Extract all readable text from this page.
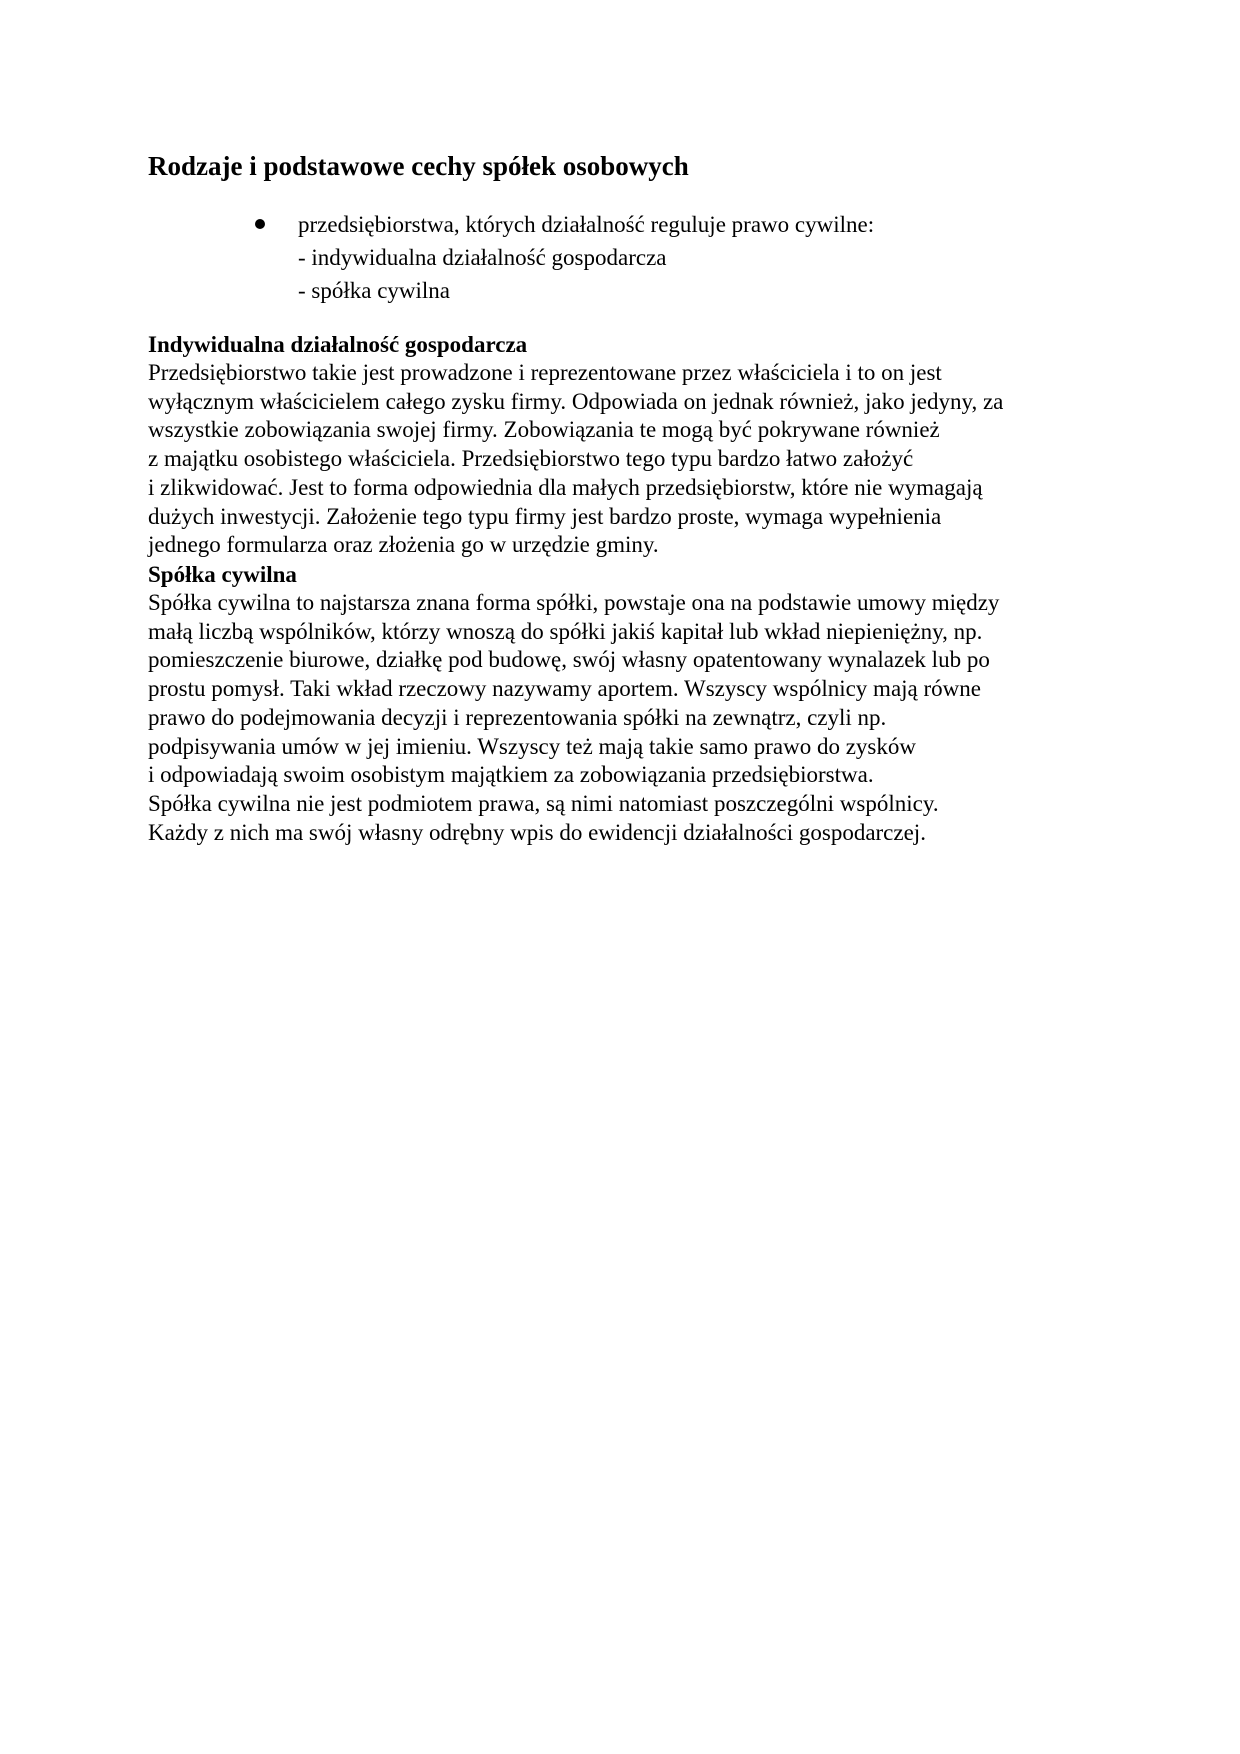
Rodzaje i podstawowe cechy spółek osobowych
przedsiębiorstwa, których działalność reguluje prawo cywilne:
- indywidualna działalność gospodarcza
- spółka cywilna
Indywidualna działalność gospodarcza

Przedsiębiorstwo takie jest prowadzone i reprezentowane przez właściciela i to on jest
wyłącznym właścicielem całego zysku firmy. Odpowiada on jednak również, jako jedyny, za
wszystkie zobowiązania swojej firmy. Zobowiązania te mogą być pokrywane również
z majątku osobistego właściciela. Przedsiębiorstwo tego typu bardzo łatwo założyć
i zlikwidować. Jest to forma odpowiednia dla małych przedsiębiorstw, które nie wymagają
dużych inwestycji. Założenie tego typu firmy jest bardzo proste, wymaga wypełnienia
jednego formularza oraz złożenia go w urzędzie gminy.

Spółka cywilna

Spółka cywilna to najstarsza znana forma spółki, powstaje ona na podstawie umowy między
małą liczbą wspólników, którzy wnoszą do spółki jakiś kapitał lub wkład niepieniężny, np.
pomieszczenie biurowe, działkę pod budowę, swój własny opatentowany wynalazek lub po
prostu pomysł. Taki wkład rzeczowy nazywamy aportem. Wszyscy wspólnicy mają równe
prawo do podejmowania decyzji i reprezentowania spółki na zewnątrz, czyli np.
podpisywania umów w jej imieniu. Wszyscy też mają takie samo prawo do zysków
i odpowiadają swoim osobistym majątkiem za zobowiązania przedsiębiorstwa.
Spółka cywilna nie jest podmiotem prawa, są nimi natomiast poszczególni wspólnicy.
Każdy z nich ma swój własny odrębny wpis do ewidencji działalności gospodarczej.
